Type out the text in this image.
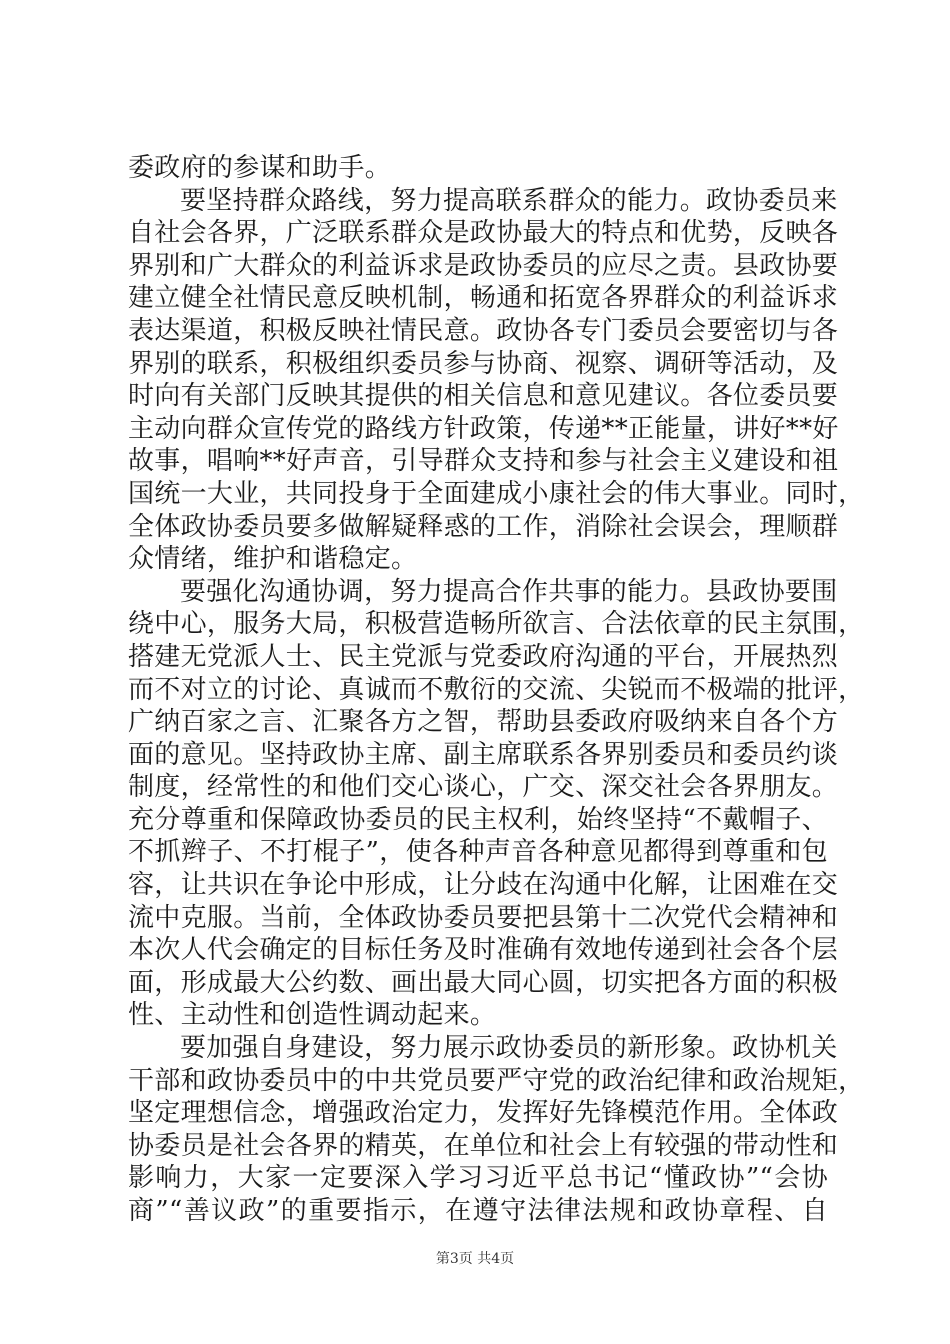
委政府的参谋和助手。
要坚持群众路线，努力提高联系群众的能力。政协委员来
自社会各界，广泛联系群众是政协最大的特点和优势，反映各
界别和广大群众的利益诉求是政协委员的应尽之责。县政协要
建立健全社情民意反映机制，畅通和拓宽各界群众的利益诉求
表达渠道，积极反映社情民意。政协各专门委员会要密切与各
界别的联系，积极组织委员参与协商、视察、调研等活动，及
时向有关部门反映其提供的相关信息和意见建议。各位委员要
主动向群众宣传党的路线方针政策，传递**正能量，讲好**好
故事，唱响**好声音，引导群众支持和参与社会主义建设和祖
国统一大业，共同投身于全面建成小康社会的伟大事业。同时，
全体政协委员要多做解疑释惑的工作，消除社会误会，理顺群
众情绪，维护和谐稳定。
要强化沟通协调，努力提高合作共事的能力。县政协要围
绕中心，服务大局，积极营造畅所欲言、合法依章的民主氛围，
搭建无党派人士、民主党派与党委政府沟通的平台，开展热烈
而不对立的讨论、真诚而不敷衍的交流、尖锐而不极端的批评，
广纳百家之言、汇聚各方之智，帮助县委政府吸纳来自各个方
面的意见。坚持政协主席、副主席联系各界别委员和委员约谈
制度，经常性的和他们交心谈心，广交、深交社会各界朋友。
充分尊重和保障政协委员的民主权利，始终坚持“不戴帽子、
不抓辫子、不打棍子”，使各种声音各种意见都得到尊重和包
容，让共识在争论中形成，让分歧在沟通中化解，让困难在交
流中克服。当前，全体政协委员要把县第十二次党代会精神和
本次人代会确定的目标任务及时准确有效地传递到社会各个层
面，形成最大公约数、画出最大同心圆，切实把各方面的积极
性、主动性和创造性调动起来。
要加强自身建设，努力展示政协委员的新形象。政协机关
干部和政协委员中的中共党员要严守党的政治纪律和政治规矩，
坚定理想信念，增强政治定力，发挥好先锋模范作用。全体政
协委员是社会各界的精英，在单位和社会上有较强的带动性和
影响力，大家一定要深入学习习近平总书记“懂政协”“会协
商”“善议政”的重要指示，在遵守法律法规和政协章程、自
第3页 共4页
